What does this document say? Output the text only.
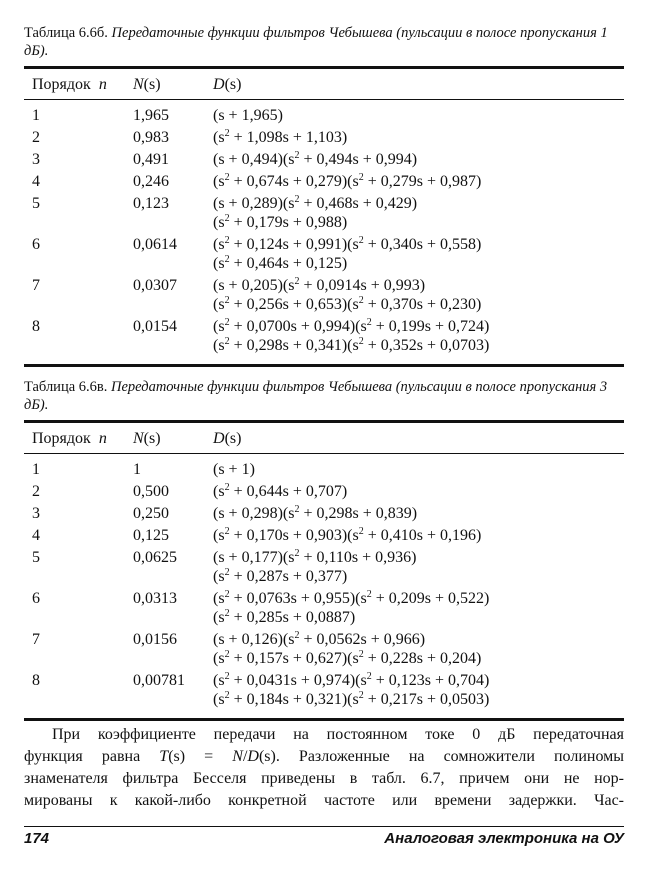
Таблица 6.6б. Передаточные функции фильтров Чебышева (пульсации в полосе пропускания 1 дБ).
Порядок n N(s)	D(s)
1	1,965	(s + 1,965)
2	0,983	$(s^2 + 1,098s + 1,103)$
3	0,491	$(s + 0,494)(s^2 + 0,494s + 0,994)$
4	0,246	$(s^2 + 0,674s + 0,279)(s^2 + 0,279s + 0,987)$
5	0,123	$(s + 0,289)(s^2 + 0,468s + 0,429)$
$(s^2 + 0,179s + 0,988)$
6	0,0614 $(s^2 + 0,124s + 0,991)(s^2 + 0,340s + 0,558)$
$(s^2 + 0,464s + 0,125)$
7	0,0307 $(s + 0,205)(s^2 + 0,0914s + 0,993)$
$(s^2 + 0,256s + 0,653)(s^2 + 0,370s + 0,230)$
8	0,0154 $(s^2 + 0,0700s + 0,994)(s^2 + 0,199s + 0,724)$
$(s^2 + 0,298s + 0,341)(s^2 + 0,352s + 0,0703)$
Таблица 6.6в. Передаточные функции фильтров Чебышева (пульсации в полосе пропускания 3 дБ).
Порядок n N(s)	D(s)
1	1	(s + 1)
2	0,500	$(s^2 + 0,644s + 0,707)$
3	0,250	$(s + 0,298)(s^2 + 0,298s + 0,839)$
4	0,125	$(s^2 + 0,170s + 0,903)(s^2 + 0,410s + 0,196)$
5	0,0625 $(s + 0,177)(s^2 + 0,110s + 0,936)$
$(s^2 + 0,287s + 0,377)$
6	0,0313 $(s^2 + 0,0763s + 0,955)(s^2 + 0,209s + 0,522)$
$(s^2 + 0,285s + 0,0887)$
7	0,0156 $(s + 0,126)(s^2 + 0,0562s + 0,966)$
$(s^2 + 0,157s + 0,627)(s^2 + 0,228s + 0,204)$
8	0,00781 $(s^2 + 0,0431s + 0,974)(s^2 + 0,123s + 0,704)$
$(s^2 + 0,184s + 0,321)(s^2 + 0,217s + 0,0503)$
При коэффициенте передачи на постоянном токе 0 дБ передаточная
функция равна T(s) = N/D(s). Разложенные на сомножители полиномы
знаменателя фильтра Бесселя приведены в табл. 6.7, причем они не нор-
мированы к какой-либо конкретной частоте или времени задержки. Час-
174	Аналоговая электроника на ОУ
